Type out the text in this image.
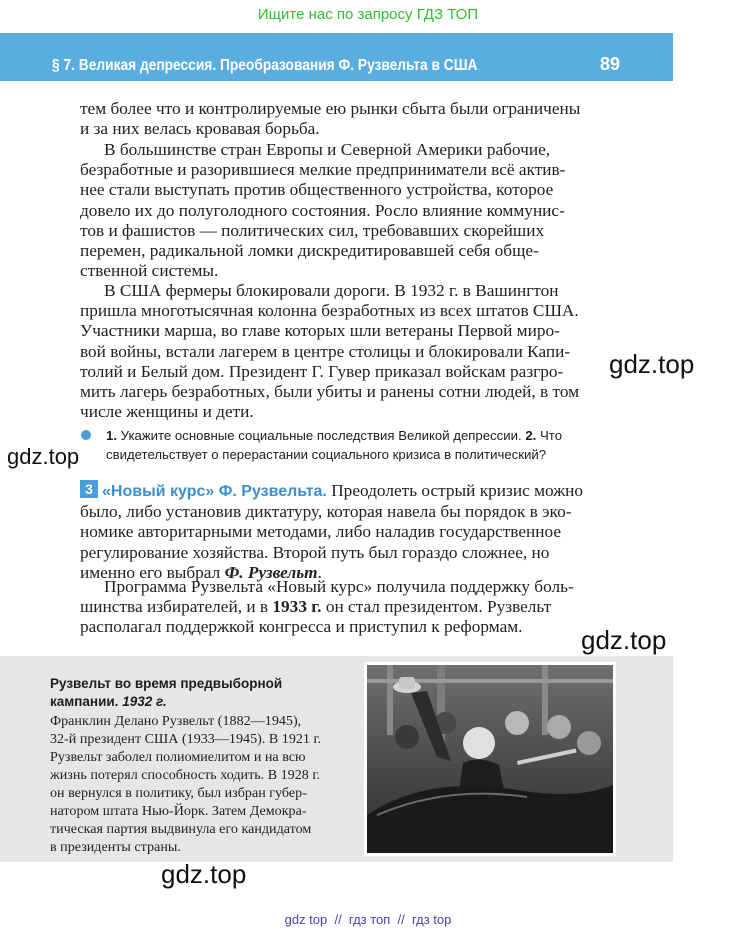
Ищите нас по запросу ГДЗ ТОП
§ 7. Великая депрессия. Преобразования Ф. Рузвельта в США	89

тем более что и контролируемые ею рынки сбыта были ограничены
и за них велась кровавая борьба.

В большинстве стран Европы и Северной Америки рабочие,
безработные и разорившиеся мелкие предприниматели всё актив-
нее стали выступать против общественного устройства, которое
довело их до полуголодного состояния. Росло влияние коммунис-
тов и фашистов — политических сил, требовавших скорейших
перемен, радикальной ломки дискредитировавшей себя обще-
ственной системы.

В США фермеры блокировали дороги. В 1932 г. в Вашингтон
пришла многотысячная колонна безработных из всех штатов США.
Участники марша, во главе которых шли ветераны Первой миро-
вой войны, встали лагерем в центре столицы и блокировали Капи-
толий и Белый дом. Президент Г. Гувер приказал войскам разгро-
мить лагерь безработных, были убиты и ранены сотни людей, в том
числе женщины и дети.

1. Укажите основные социальные последствия Великой депрессии. 2. Что
свидетельствует о перерастании социального кризиса в политический?

3 «Новый курс» Ф. Рузвельта. Преодолеть острый кризис можно
было, либо установив диктатуру, которая навела бы порядок в эко-
номике авторитарными методами, либо наладив государственное
регулирование хозяйства. Второй путь был гораздо сложнее, но
именно его выбрал Ф. Рузвельт.

Программа Рузвельта «Новый курс» получила поддержку боль-
шинства избирателей, и в 1933 г. он стал президентом. Рузвельт
располагал поддержкой конгресса и приступил к реформам.

Рузвельт во время предвыборной кампании. 1932 г.

Франклин Делано Рузвельт (1882—1945),
32-й президент США (1933—1945). В 1921 г.
Рузвельт заболел полиомиелитом и на всю
жизнь потерял способность ходить. В 1928 г.
он вернулся в политику, был избран губер-
натором штата Нью-Йорк. Затем Демокра-
тическая партия выдвинула его кандидатом
в президенты страны.

gdz.top
gdz.top
gdz.top
gdz.top
gdz top  //  гдз топ  //  гдз top
